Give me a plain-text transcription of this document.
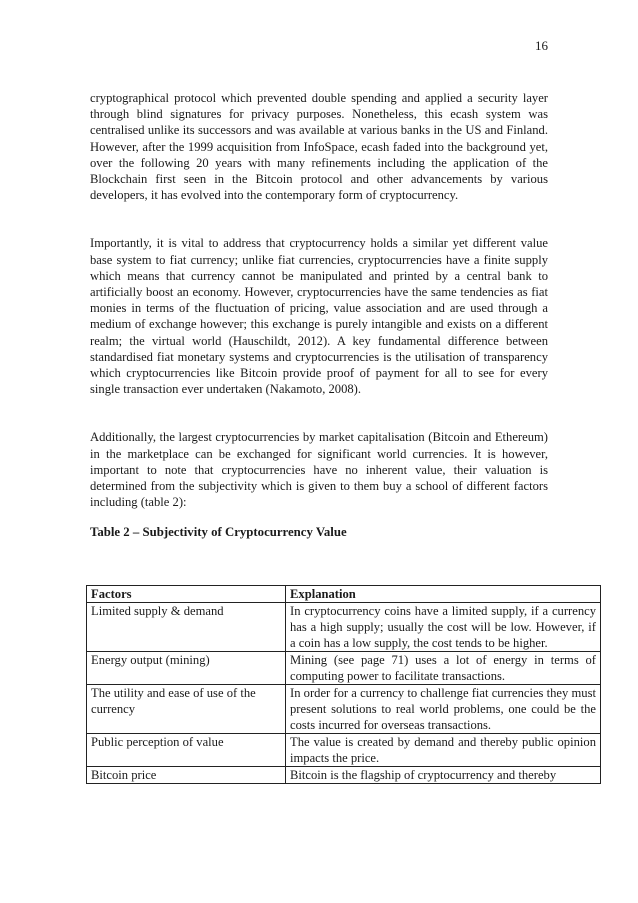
16

cryptographical protocol which prevented double spending and applied a security layer through blind signatures for privacy purposes. Nonetheless, this ecash system was centralised unlike its successors and was available at various banks in the US and Finland. However, after the 1999 acquisition from InfoSpace, ecash faded into the background yet, over the following 20 years with many refinements including the application of the Blockchain first seen in the Bitcoin protocol and other advancements by various developers, it has evolved into the contemporary form of cryptocurrency.

Importantly, it is vital to address that cryptocurrency holds a similar yet different value base system to fiat currency; unlike fiat currencies, cryptocurrencies have a finite supply which means that currency cannot be manipulated and printed by a central bank to artificially boost an economy. However, cryptocurrencies have the same tendencies as fiat monies in terms of the fluctuation of pricing, value association and are used through a medium of exchange however; this exchange is purely intangible and exists on a different realm; the virtual world (Hauschildt, 2012). A key fundamental difference between standardised fiat monetary systems and cryptocurrencies is the utilisation of transparency which cryptocurrencies like Bitcoin provide proof of payment for all to see for every single transaction ever undertaken (Nakamoto, 2008).

Additionally, the largest cryptocurrencies by market capitalisation (Bitcoin and Ethereum) in the marketplace can be exchanged for significant world currencies. It is however, important to note that cryptocurrencies have no inherent value, their valuation is determined from the subjectivity which is given to them buy a school of different factors including (table 2):

Table 2 – Subjectivity of Cryptocurrency Value

Factors	Explanation
Limited supply & demand	In cryptocurrency coins have a limited supply, if a currency has a high supply; usually the cost will be low. However, if a coin has a low supply, the cost tends to be higher.
Energy output (mining)	Mining (see page 71) uses a lot of energy in terms of computing power to facilitate transactions.
The utility and ease of use of the currency	In order for a currency to challenge fiat currencies they must present solutions to real world problems, one could be the costs incurred for overseas transactions.
Public perception of value	The value is created by demand and thereby public opinion impacts the price.
Bitcoin price	Bitcoin is the flagship of cryptocurrency and thereby
